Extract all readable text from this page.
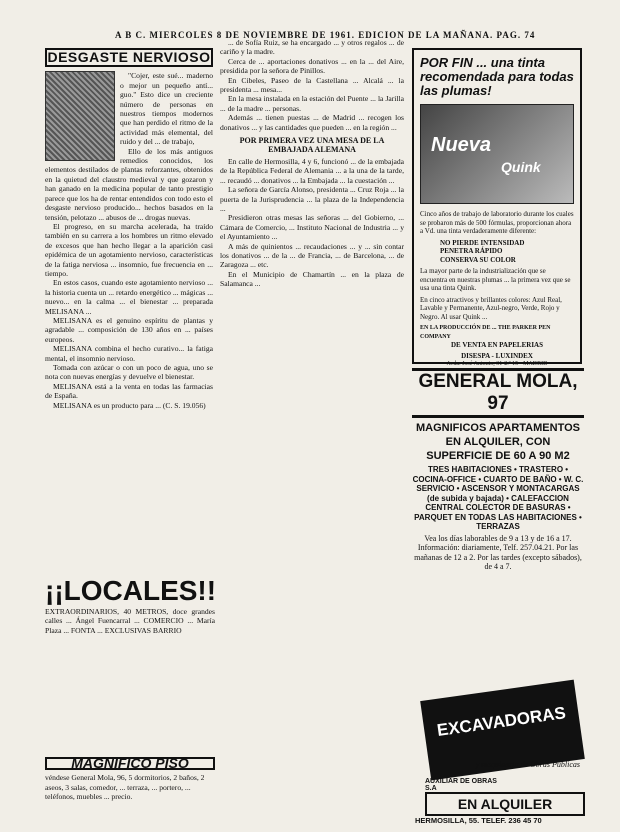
A B C. MIERCOLES 8 DE NOVIEMBRE DE 1961. EDICION DE LA MAÑANA. PAG. 74
DESGASTE NERVIOSO

"Cojer, este sué... maderno o mejor un pequeño antí... guo." Esto dice un creciente número de personas en nuestros tiempos modernos que han perdido el ritmo de la actividad más elemental, del ruido y del ... de trabajo,

Ello de los más antiguos remedios conocidos, los elementos destilados de plantas reforzantes, obtenidos en la quietud del claustro medieval y que gozaron y han ganado en la medicina popular de tanto prestigio parece que los ha de rentar entendidos con todo esto el desgaste nervioso producido... hechos basados en la tensión, pelotazo ... abusos de ... drogas nuevas.

El progreso, en su marcha acelerada, ha traído también en su carrera a los hombres un ritmo elevado de excesos que han hecho llegar a la aparición casi epidémica de un agotamiento nervioso, características de la fatiga nerviosa ... insomnio, fue frecuencia en ... tiempo.

En estos casos, cuando este agotamiento nervioso ... la historia cuenta un ... retardo energético ... mágicas ... nuevo... en la calma ... el bienestar ... preparada MELISANA ...

MELISANA es el genuino espíritu de plantas y agradable ... composición de 130 años en ... países europeos.

MELISANA combina el hecho curativo... la fatiga mental, el insomnio nervioso.

Tomada con azúcar o con un poco de agua, uno se nota con nuevas energías y devuelve el bienestar.

MELISANA está a la venta en todas las farmacias de España.

MELISANA es un producto para ... (C. S. 19.056)

¡¡LOCALES!!

EXTRAORDINARIOS, 40 METROS, doce grandes calles ... Ángel Fuencarral ... COMERCIO ... María Plaza ... FONTA ... EXCLUSIVAS BARRIO

MAGNIFICO PISO

véndese General Mola, 96, 5 dormitorios, 2 baños, 2 aseos, 3 salas, comedor, ... terraza, ... portero, ... teléfonos, muebles ... precio.

... de Sofía Ruiz, se ha encargado ... y otros regalos ... de cariño y la madre.

Cerca de ... aportaciones donativos ... en la ... del Aire, presidida por la señora de Pinillos.

En Cibeles, Paseo de la Castellana ... Alcalá ... la presidenta ... mesa...

En la mesa instalada en la estación del Puente ... la Jarilla ... de la madre ... personas.

Además ... tienen puestas ... de Madrid ... recogen los donativos ... y las cantidades que pueden ... en la región ...

POR PRIMERA VEZ UNA MESA DE LA EMBAJADA ALEMANA

En calle de Hermosilla, 4 y 6, funcionó ... de la embajada de la República Federal de Alemania ... a la una de la tarde, ... recaudó ... donativos ... la Embajada ... la cuestación ...

La señora de García Alonso, presidenta ... Cruz Roja ... la puerta de la Jurisprudencia ... la plaza de la Independencia ...

Presidieron otras mesas las señoras ... del Gobierno, ... Cámara de Comercio, ... Instituto Nacional de Industria ... y el Ayuntamiento ...

A más de quinientos ... recaudaciones ... y ... sin contar los donativos ... de la ... de Francia, ... de Barcelona, ... de Zaragoza ... etc.

En el Municipio de Chamartín ... en la plaza de Salamanca ...

POR FIN ... una tinta recomendada para todas las plumas!
Nueva
Quink

Cinco años de trabajo de laboratorio durante los cuales se probaron más de 500 fórmulas, proporcionan ahora a Vd. una tinta verdaderamente diferente:

NO PIERDE INTENSIDAD
PENETRA RÁPIDO
CONSERVA SU COLOR

La mayor parte de la industrialización que se encuentra en nuestras plumas ... la primera vez que se usa una tinta Quink.

En cinco atractivos y brillantes colores: Azul Real, Lavable y Permanente, Azul-negro, Verde, Rojo y Negro. Al usar Quink ...

EN LA PRODUCCIÓN DE ... THE PARKER PEN COMPANY

DE VENTA EN PAPELERIAS

DISESPA - LUXINDEX

Avda. José Antonio, 31-2.º 15 - MADRID

GENERAL MOLA, 97
MAGNIFICOS APARTAMENTOS EN ALQUILER, CON SUPERFICIE DE 60 A 90 M2
TRES HABITACIONES • TRASTERO • COCINA-OFFICE • CUARTO DE BAÑO • W. C. SERVICIO • ASCENSOR Y MONTACARGAS (de subida y bajada) • CALEFACCION CENTRAL COLECTOR DE BASURAS • PARQUET EN TODAS LAS HABITACIONES • TERRAZAS
Vea los días laborables de 9 a 13 y de 16 a 17. Información: diariamente, Telf. 257.04.21. Por las mañanas de 12 a 2. Por las tardes (excepto sábados), de 4 a 7.
EXCAVADORAS
y maquinaria de Obras Públicas
EN ALQUILER
AUXILIAR DE OBRAS S.A
HERMOSILLA, 55. TELEF. 236 45 70
